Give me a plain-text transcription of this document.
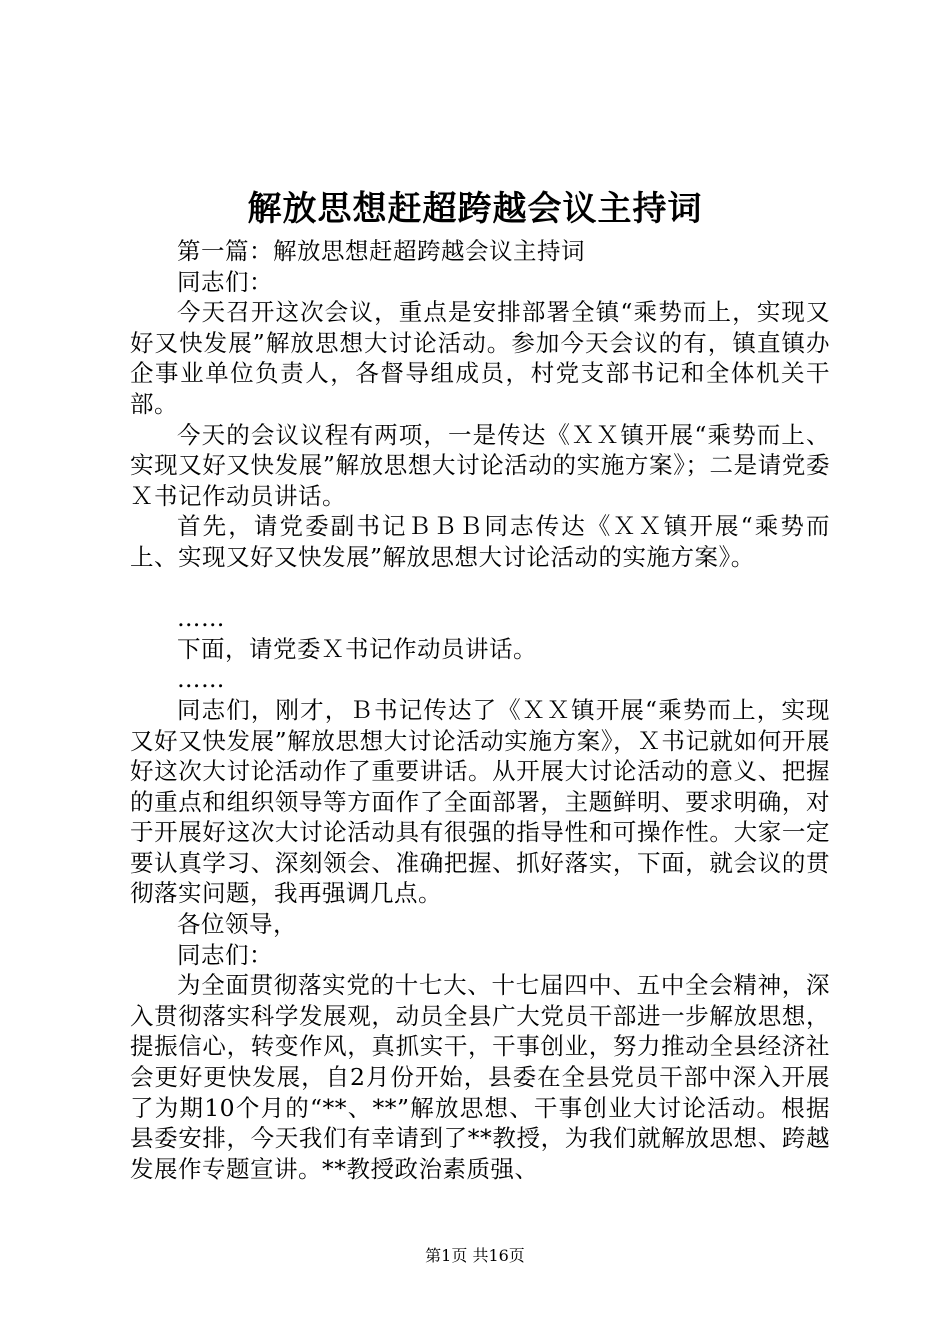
解放思想赶超跨越会议主持词

第一篇：解放思想赶超跨越会议主持词

同志们：

今天召开这次会议，重点是安排部署全镇“乘势而上，实现又好又快发展”解放思想大讨论活动。参加今天会议的有，镇直镇办企事业单位负责人，各督导组成员，村党支部书记和全体机关干部。

今天的会议议程有两项，一是传达《ＸＸ镇开展“乘势而上、实现又好又快发展”解放思想大讨论活动的实施方案》；二是请党委Ｘ书记作动员讲话。

首先，请党委副书记ＢＢＢ同志传达《ＸＸ镇开展“乘势而上、实现又好又快发展”解放思想大讨论活动的实施方案》。

……

下面，请党委Ｘ书记作动员讲话。

……

同志们，刚才，Ｂ书记传达了《ＸＸ镇开展“乘势而上，实现又好又快发展”解放思想大讨论活动实施方案》，Ｘ书记就如何开展好这次大讨论活动作了重要讲话。从开展大讨论活动的意义、把握的重点和组织领导等方面作了全面部署，主题鲜明、要求明确，对于开展好这次大讨论活动具有很强的指导性和可操作性。大家一定要认真学习、深刻领会、准确把握、抓好落实，下面，就会议的贯彻落实问题，我再强调几点。

各位领导，

同志们：

为全面贯彻落实党的十七大、十七届四中、五中全会精神，深入贯彻落实科学发展观，动员全县广大党员干部进一步解放思想，提振信心，转变作风，真抓实干，干事创业，努力推动全县经济社会更好更快发展，自2月份开始，县委在全县党员干部中深入开展了为期10个月的“**、**”解放思想、干事创业大讨论活动。根据县委安排，今天我们有幸请到了**教授，为我们就解放思想、跨越发展作专题宣讲。**教授政治素质强、

第1页 共16页
